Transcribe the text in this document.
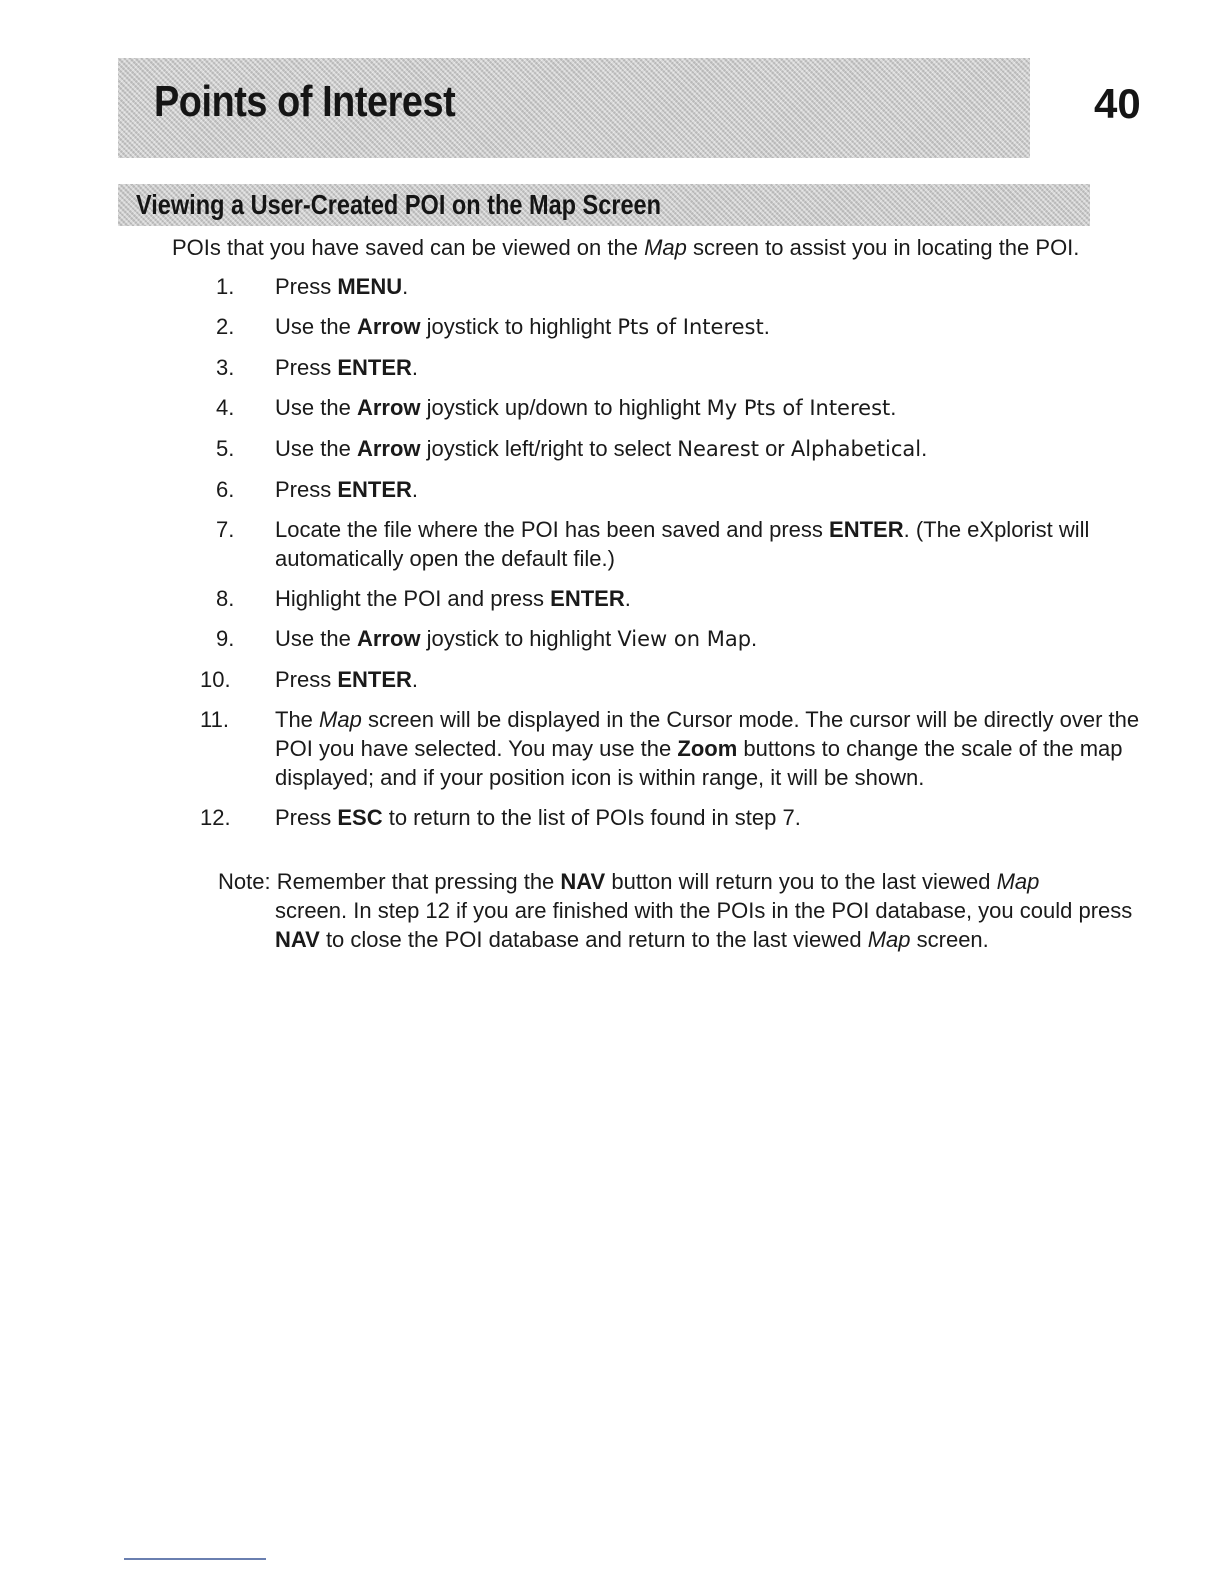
Points of Interest	40
Viewing a User-Created POI on the Map Screen

POIs that you have saved can be viewed on the Map screen to assist you in locating the POI.

1.	Press MENU.
2.	Use the Arrow joystick to highlight Pts of Interest.
3.	Press ENTER.
4.	Use the Arrow joystick up/down to highlight My Pts of Interest.
5.	Use the Arrow joystick left/right to select Nearest or Alphabetical.
6.	Press ENTER.
7.	Locate the file where the POI has been saved and press ENTER. (The eXplorist will automatically open the default file.)
8.	Highlight the POI and press ENTER.
9.	Use the Arrow joystick to highlight View on Map.
10.	Press ENTER.
11.	The Map screen will be displayed in the Cursor mode. The cursor will be directly over the POI you have selected. You may use the Zoom buttons to change the scale of the map displayed; and if your position icon is within range, it will be shown.
12.	Press ESC to return to the list of POIs found in step 7.

Note: Remember that pressing the NAV button will return you to the last viewed Map
screen. In step 12 if you are finished with the POIs in the POI database, you could press NAV to close the POI database and return to the last viewed Map screen.
